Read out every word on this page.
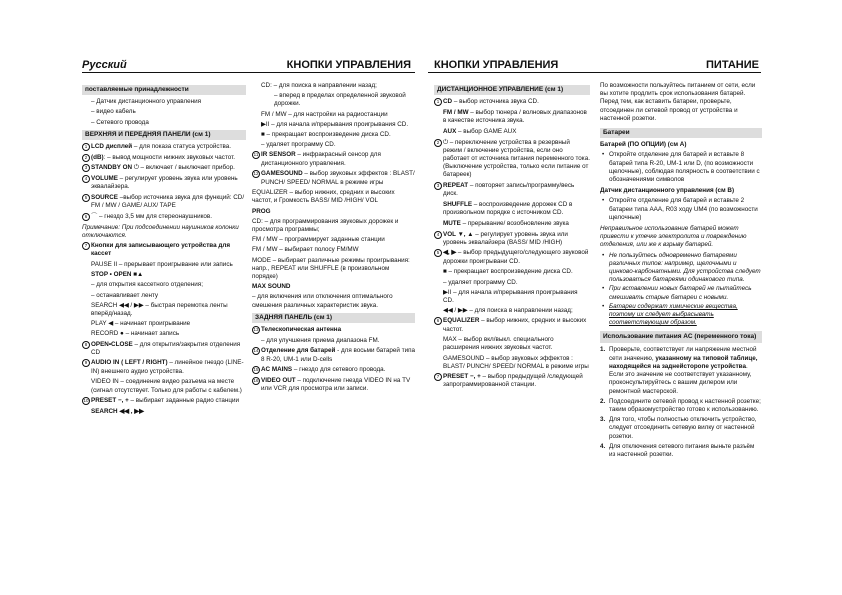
Русский	КНОПКИ УПРАВЛЕНИЯ КНОПКИ УПРАВЛЕНИЯ	ПИТАНИЕ
поставляемые принадлежности

– Датчик дистанционного управления

– видео кабель

– Сетевого провода

ВЕРХНЯЯ И ПЕРЕДНЯЯ ПАНЕЛИ (см 1)
1 LCD дисплей – для показа статуса устройства.
2 (dB): – вывод мощности нижних звуковых частот.
3 STANDBY ON ⏻ – включает / выключает прибор.
4 VOLUME – регулирует уровень звука или уровень эквалайзера.
5 SOURCE –выбор источника звука для функций: CD/ FM / MW / GAME/ AUX/ TAPE
6 ⌒ – гнездо 3,5 мм для стереонаушников.

Примечание: При подсоединении наушников колонки отключаются.

7 Кнопки для записывающего устройства для кассет

PAUSE II – прерывает проигрывание или запись

STOP • OPEN ■▲

– для открытия кассетного отделения;

– останавливает ленту

SEARCH ◀◀ / ▶▶ – быстрая перемотка ленты вперёд/назад.

PLAY ◀ – начинает проигрывание

RECORD ● – начинает запись

8 OPEN•CLOSE – для открытия/закрытия отделения CD
9 AUDIO IN ( LEFT / RIGHT) – линейное гнездо (LINE-IN) внешнего аудио устройства.

VIDEO IN – соединение видео разъема на месте (сигнал отсутствует. Только для работы с кабелем.)

10 PRESET −, + – выбирает заданные радио станции

SEARCH ◀◀ , ▶▶

CD: – для поиска в направлении назад;

– вперед в пределах определенной звуковой дорожки.

FM / MW – для настройки на радиостанции

▶II – для начала и/прерывания проигрывания CD.

■ – прекращает воспроизведение диска CD.

– удаляет программу CD.

11 IR SENSOR – инфракрасный сенсор для дистанционного управления.
12 GAMESOUND – выбор звуковых эффектов : BLAST/ PUNCH/ SPEED/ NORMAL в режиме игры

EQUALIZER – выбор нижних, средних и высоких частот, и Громкость BASS/ MID /HIGH/ VOL

PROG

CD: – для программирования звуковых дорожек и просмотра программы;

FM / MW – программирует заданные станции

FM / MW – выбирает полосу FM/MW

MODE – выбирает различные режимы проигрывания: напр., REPEAT или SHUFFLE (в произвольном порядке)

MAX SOUND

– для включения или отключения оптимального смешения различных характеристик звука.

ЗАДНЯЯ ПАНЕЛЬ (см 1)
13 Телескопическая антенна
– для улучшения приема диапазона FM.
14 Отделение для батарей - для восьми батарей типа 8 R-20, UM-1 или D-cells
15 AC MAINS – гнездо для сетевого провода.
16 VIDEO OUT – подключение гнезда VIDEO IN на TV или VCR для просмотра или записи.
ДИСТАНЦИОННОЕ УПРАВЛЕНИЕ (см 1)
1 CD – выбор источника звука CD.
FM / MW – выбор тюнера / волновых диапазонов в качестве источника звука.
AUX – выбор GAME AUX
2 ⏻ – переключение устройства в резервный режим / включение устройства, если оно работает от источника питания переменного тока. (Выключение устройства, только если питание от батареек)
3 REPEAT – повторяет запись/программу/весь диск.
SHUFFLE – воспроизведение дорожек CD в произвольном порядке с источником CD.
MUTE – прерывание/ возобновление звука
4 VOL ▼, ▲ – регулирует уровень звука или уровень эквалайзера (BASS/ MID /HIGH)
5 ◀, ▶ – выбор предыдущего/следующего звуковой дорожки проигрывани CD.

■ – прекращает воспроизведение диска CD.

– удаляет программу CD.

▶II – для начала и/прерывания проигрывания CD.

◀◀ / ▶▶ – для поиска в направлении назад;

6 EQUALIZER – выбор нижних, средних и высоких частот.

MAX – выбор вкл/выкл. специального расширения нижних звуковых частот.

GAMESOUND – выбор звуковых эффектов : BLAST/ PUNCH/ SPEED/ NORMAL в режиме игры

7 PRESET −, + – выбор предыдущей /следующей запрограммированной станции.

По возможности пользуйтесь питанием от сети, если вы хотите продлить срок использования батарей. Перед тем, как вставить батареи, проверьте, отсоединен ли сетевой провод от устройства и настенной розетки.

Батареи

Батарей (ПО ОПЦИИ) (см A)

• Откройте отделение для батарей и вставьте 8 батарей типа R-20, UM-1 или D, (по возможности щелочные), соблюдая полярность в соответствии с обозначениями символов

Датчик дистанционного управления (см B)

• Откройте отделение для батарей и вставьте 2 батареи типа AAA, R03 ходу UM4 (по возможности щелочные)

Неправильное использование батарей может привести к утечке электролита и повреждению отделения, или же к взрыву батарей.

• Не пользуйтесь одновременно батареями различных типов: например, щелочными и цинково-карбонатными. Для устройства следует пользоваться батареями одинакового типа.
• При вставлении новых батарей не пытайтесь смешивать старые батареи с новыми.
• Батареи содержат химические вещества, поэтому их следует выбрасывать соответствующим образом.
Использование питания АС (переменного тока)
1. Проверьте, соответствует ли напряжение местной сети значению, указанному на типовой таблице, находящейся на заднейсторопе устройства. Если это значение не соответствует указанному, проконсультируйтесь с вашим дилером или ремонтной мастерской.
2. Подсоедините сетевой провод к настенной розетке; таким образомустройство готово к использованию.
3. Для того, чтобы полностью отключить устройство, следует отсоединить сетевую вилку от настенной розетки.
4. Для отключения сетевого питания выньте разъём из настенной розетки.
